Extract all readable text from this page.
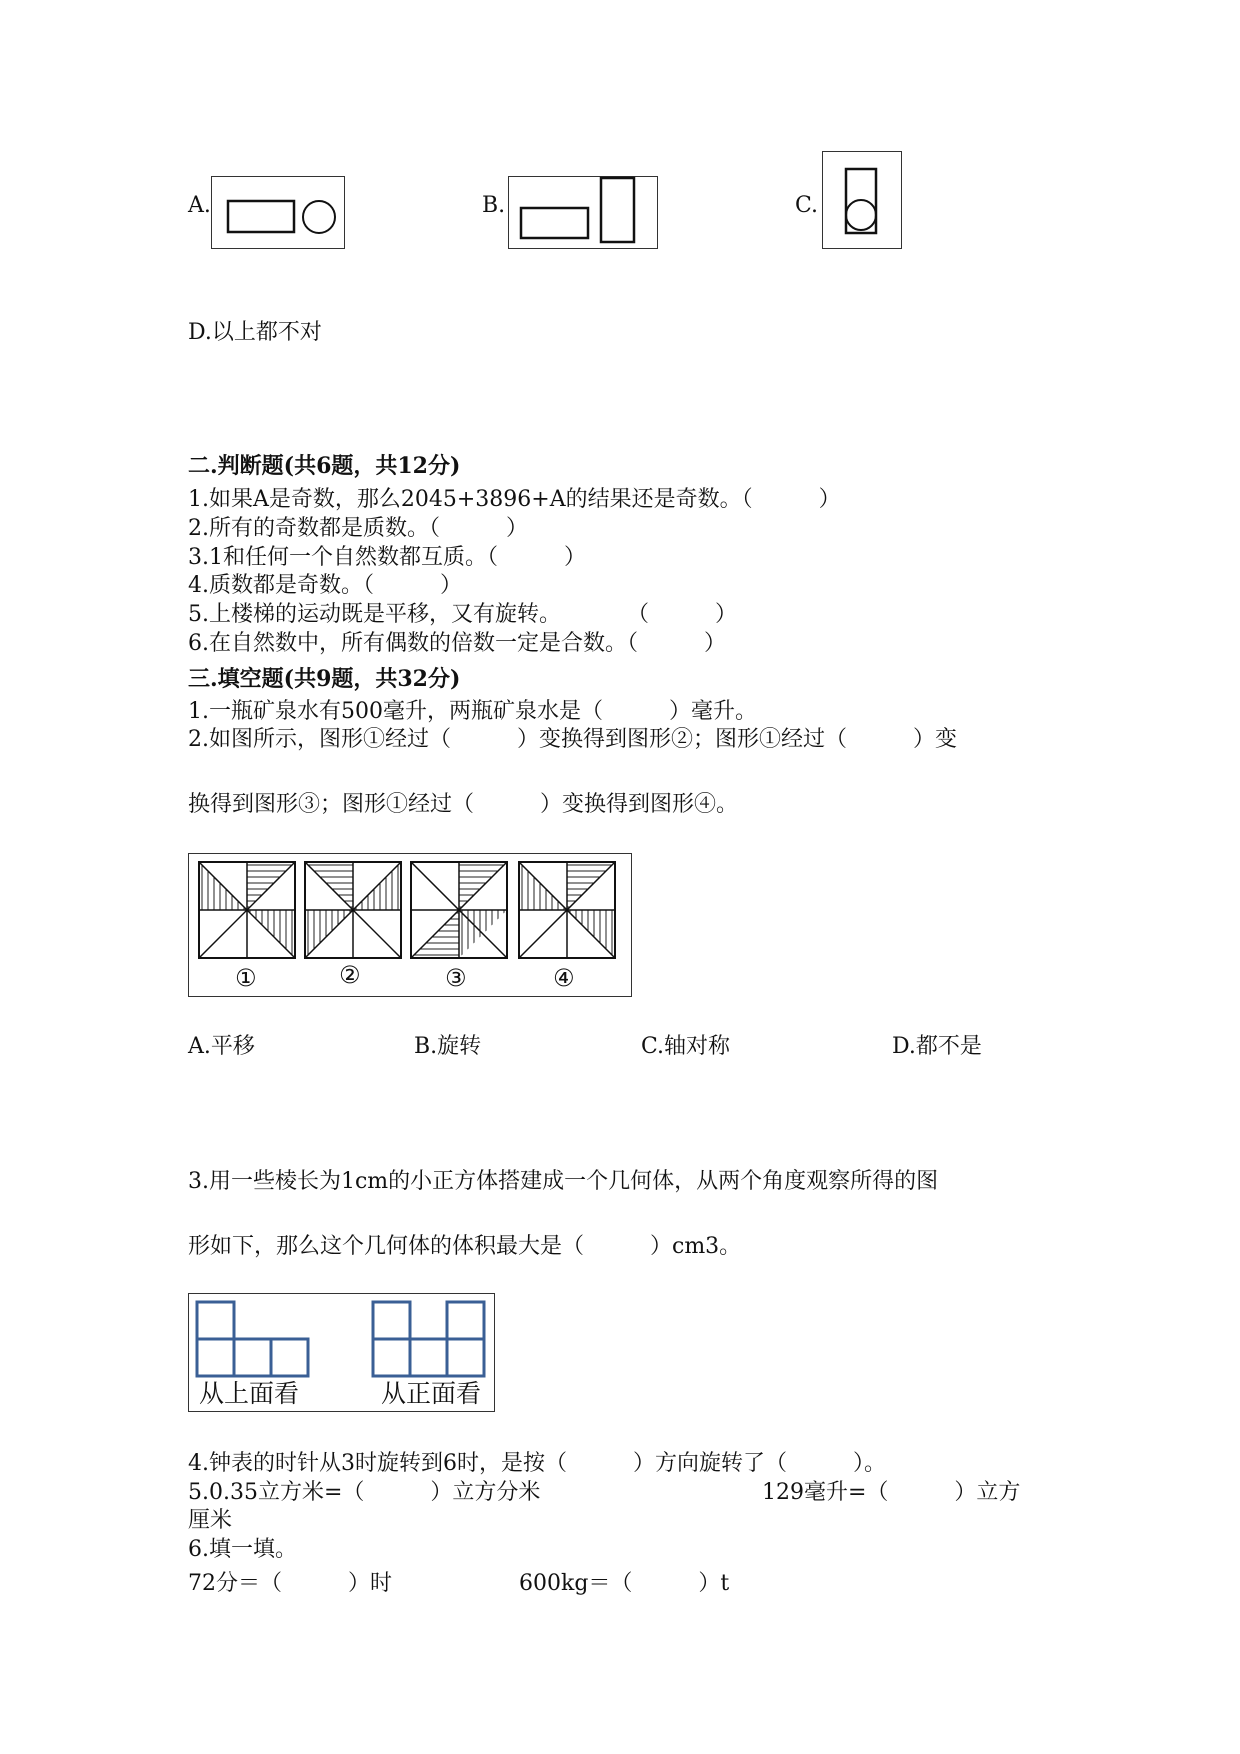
A.	B.	C.
D.以上都不对
二.判断题(共6题，共12分)
1.如果A是奇数，那么2045+3896+A的结果还是奇数。（　　　）
2.所有的奇数都是质数。（　　　）
3.1和任何一个自然数都互质。（　　　）
4.质数都是奇数。（　　　）
5.上楼梯的运动既是平移，又有旋转。　　　　（　　　）
6.在自然数中，所有偶数的倍数一定是合数。（　　　）
三.填空题(共9题，共32分)
1.一瓶矿泉水有500毫升，两瓶矿泉水是（　　　）毫升。
2.如图所示，图形①经过（　　　）变换得到图形②；图形①经过（　　　）变
换得到图形③；图形①经过（　　　）变换得到图形④。
①	②	③	④
A.平移	B.旋转	C.轴对称	D.都不是
3.用一些棱长为1cm的小正方体搭建成一个几何体，从两个角度观察所得的图
形如下，那么这个几何体的体积最大是（　　　）cm3。
从上面看	从正面看
4.钟表的时针从3时旋转到6时，是按（　　　）方向旋转了（　　　）。
5.0.35立方米=（　　　）立方分米	129毫升=（　　　）立方
厘米
6.填一填。
72分＝（　　　）时	600kg＝（　　　）t
